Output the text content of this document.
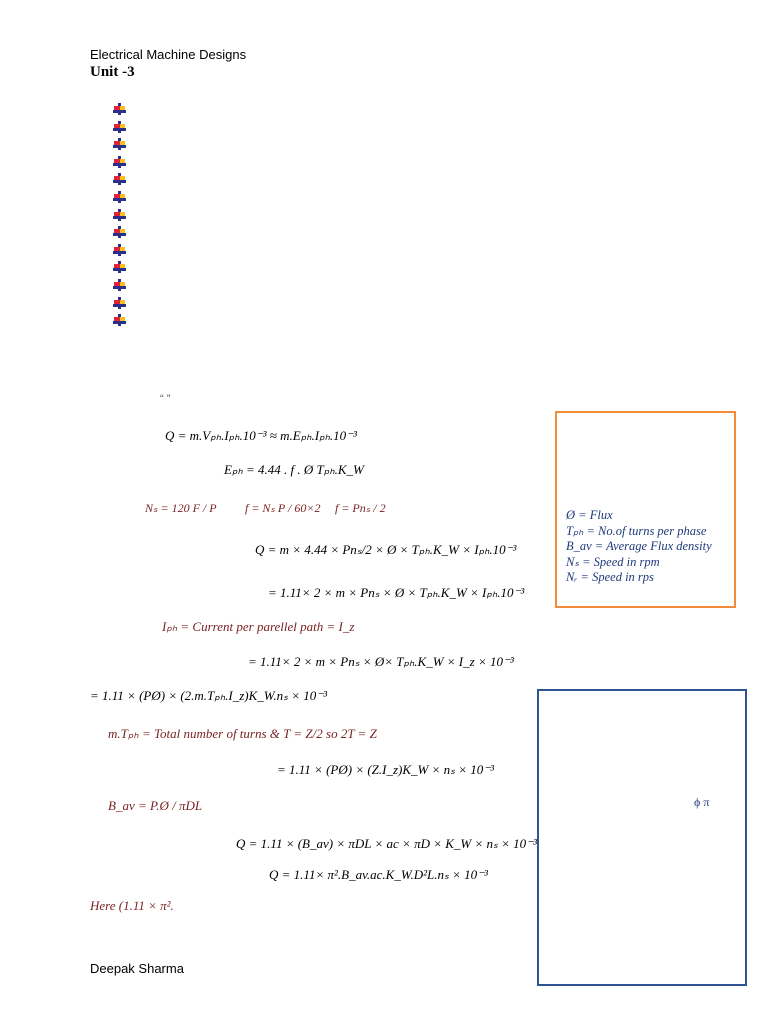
Electrical Machine Designs
Unit -3
“ ”
Q = m.Vₚₕ.Iₚₕ.10⁻³ ≈ m.Eₚₕ.Iₚₕ.10⁻³
Eₚₕ = 4.44 . f . Ø Tₚₕ.K_W
Nₛ = 120 F / P f = Nₛ P / 60×2 f = Pnₛ / 2
Q = m × 4.44 × Pnₛ/2 × Ø × Tₚₕ.K_W × Iₚₕ.10⁻³
= 1.11× 2 × m × Pnₛ × Ø × Tₚₕ.K_W × Iₚₕ.10⁻³
Iₚₕ = Current per parellel path = I_z
= 1.11× 2 × m × Pnₛ × Ø× Tₚₕ.K_W × I_z × 10⁻³
= 1.11 × (PØ) × (2.m.Tₚₕ.I_z)K_W.nₛ × 10⁻³
m.Tₚₕ = Total number of turns & T = Z/2 so 2T = Z
= 1.11 × (PØ) × (Z.I_z)K_W × nₛ × 10⁻³
B_av = P.Ø / πDL
Q = 1.11 × (B_av) × πDL × ac × πD × K_W × nₛ × 10⁻³
Q = 1.11× π².B_av.ac.K_W.D²L.nₛ × 10⁻³
Here (1.11 × π².
Ø = Flux
Tₚₕ = No.of turns per phase
B_av = Average Flux density
Nₛ = Speed in rpm
Nᵣ = Speed in rps
ϕ π
Deepak Sharma
